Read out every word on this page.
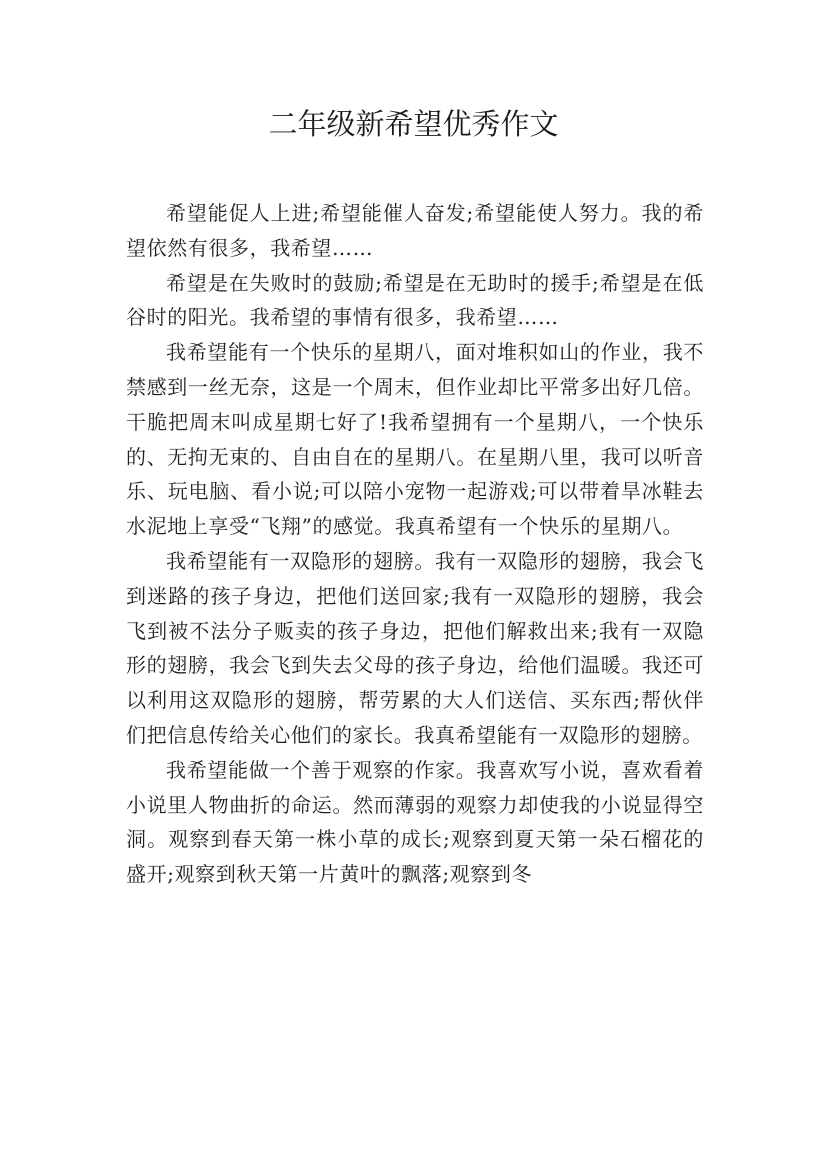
二年级新希望优秀作文

希望能促人上进;希望能催人奋发;希望能使人努力。我的希望依然有很多，我希望……

希望是在失败时的鼓励;希望是在无助时的援手;希望是在低谷时的阳光。我希望的事情有很多，我希望……

我希望能有一个快乐的星期八，面对堆积如山的作业，我不禁感到一丝无奈，这是一个周末，但作业却比平常多出好几倍。干脆把周末叫成星期七好了!我希望拥有一个星期八，一个快乐的、无拘无束的、自由自在的星期八。在星期八里，我可以听音乐、玩电脑、看小说;可以陪小宠物一起游戏;可以带着旱冰鞋去水泥地上享受“飞翔”的感觉。我真希望有一个快乐的星期八。

我希望能有一双隐形的翅膀。我有一双隐形的翅膀，我会飞到迷路的孩子身边，把他们送回家;我有一双隐形的翅膀，我会飞到被不法分子贩卖的孩子身边，把他们解救出来;我有一双隐形的翅膀，我会飞到失去父母的孩子身边，给他们温暖。我还可以利用这双隐形的翅膀，帮劳累的大人们送信、买东西;帮伙伴们把信息传给关心他们的家长。我真希望能有一双隐形的翅膀。

我希望能做一个善于观察的作家。我喜欢写小说，喜欢看着小说里人物曲折的命运。然而薄弱的观察力却使我的小说显得空洞。观察到春天第一株小草的成长;观察到夏天第一朵石榴花的盛开;观察到秋天第一片黄叶的飘落;观察到冬
